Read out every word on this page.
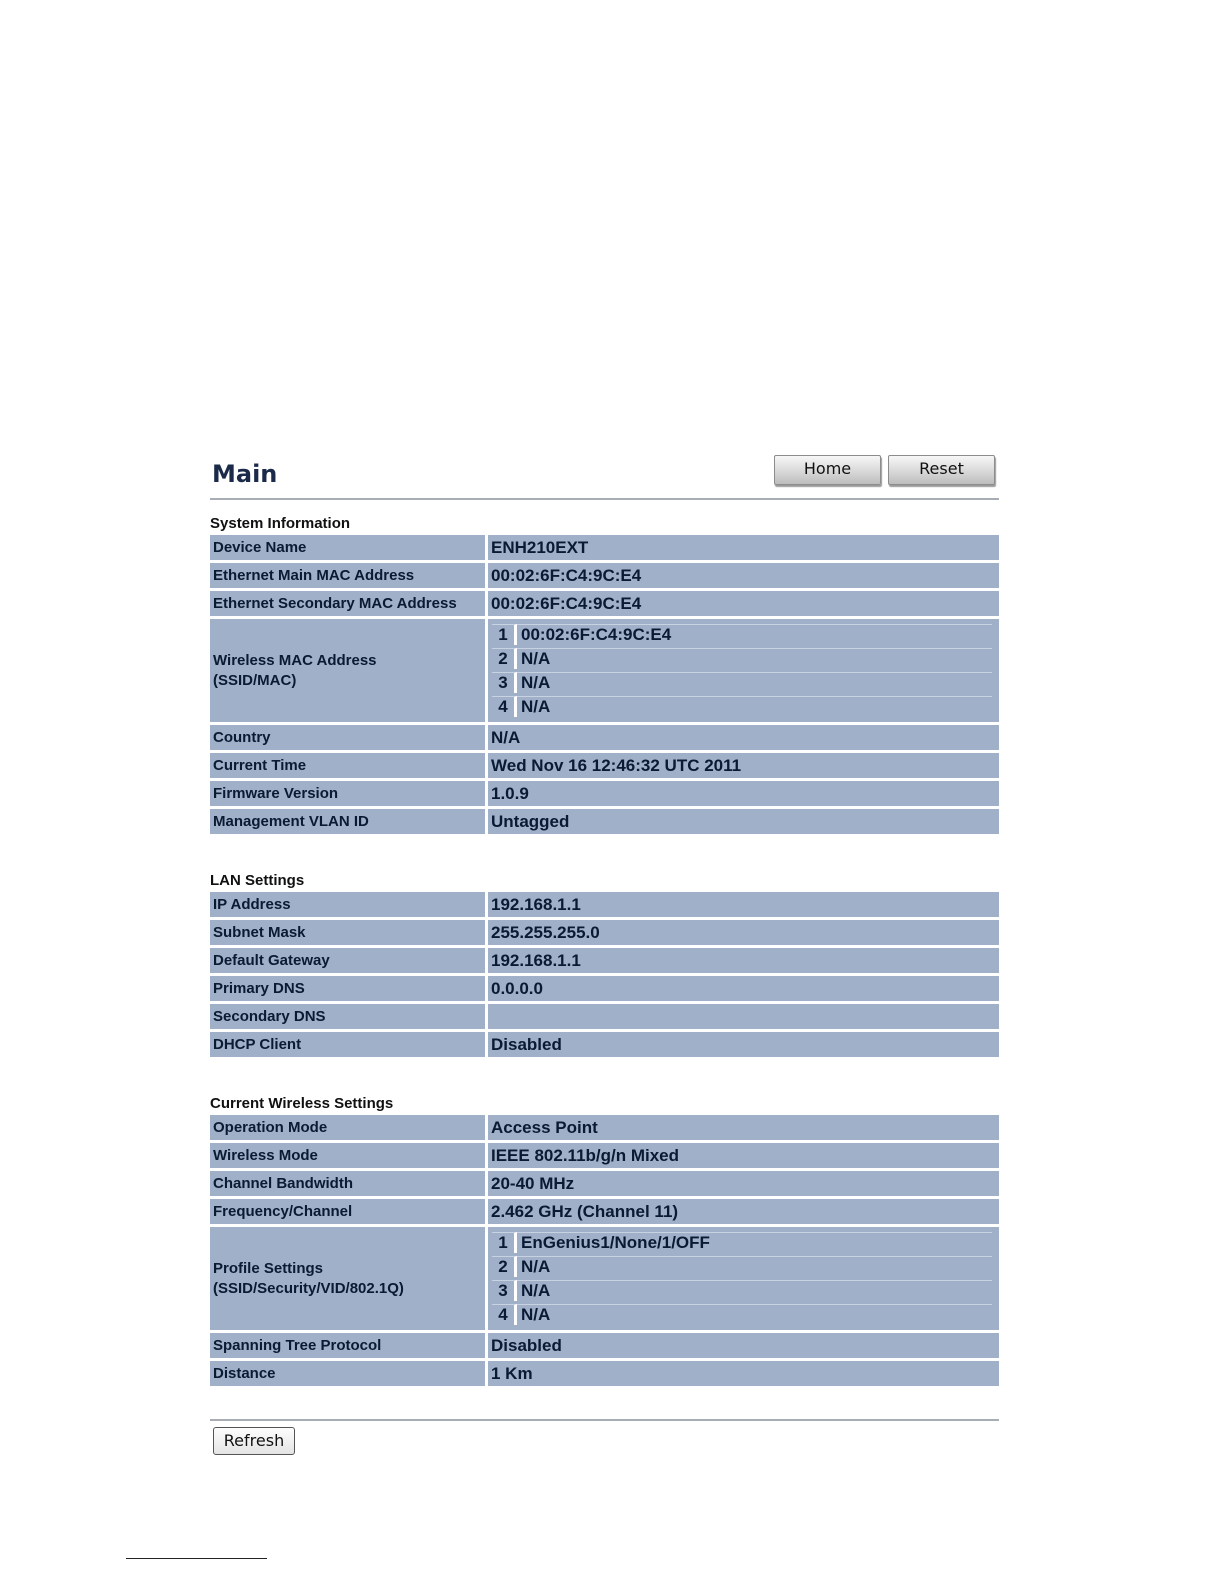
Main	Home	Reset
System Information
Device Name	ENH210EXT
Ethernet Main MAC Address	00:02:6F:C4:9C:E4
Ethernet Secondary MAC Address	00:02:6F:C4:9C:E4
Wireless MAC Address
(SSID/MAC)	
1	00:02:6F:C4:9C:E4
2	N/A
3	N/A
4	N/A

Country	N/A
Current Time	Wed Nov 16 12:46:32 UTC 2011
Firmware Version	1.0.9
Management VLAN ID	Untagged
LAN Settings
IP Address	192.168.1.1
Subnet Mask	255.255.255.0
Default Gateway	192.168.1.1
Primary DNS	0.0.0.0
Secondary DNS	
DHCP Client	Disabled
Current Wireless Settings
Operation Mode	Access Point
Wireless Mode	IEEE 802.11b/g/n Mixed
Channel Bandwidth	20-40 MHz
Frequency/Channel	2.462 GHz (Channel 11)
Profile Settings
(SSID/Security/VID/802.1Q)	
1	EnGenius1/None/1/OFF
2	N/A
3	N/A
4	N/A

Spanning Tree Protocol	Disabled
Distance	1 Km
Refresh
